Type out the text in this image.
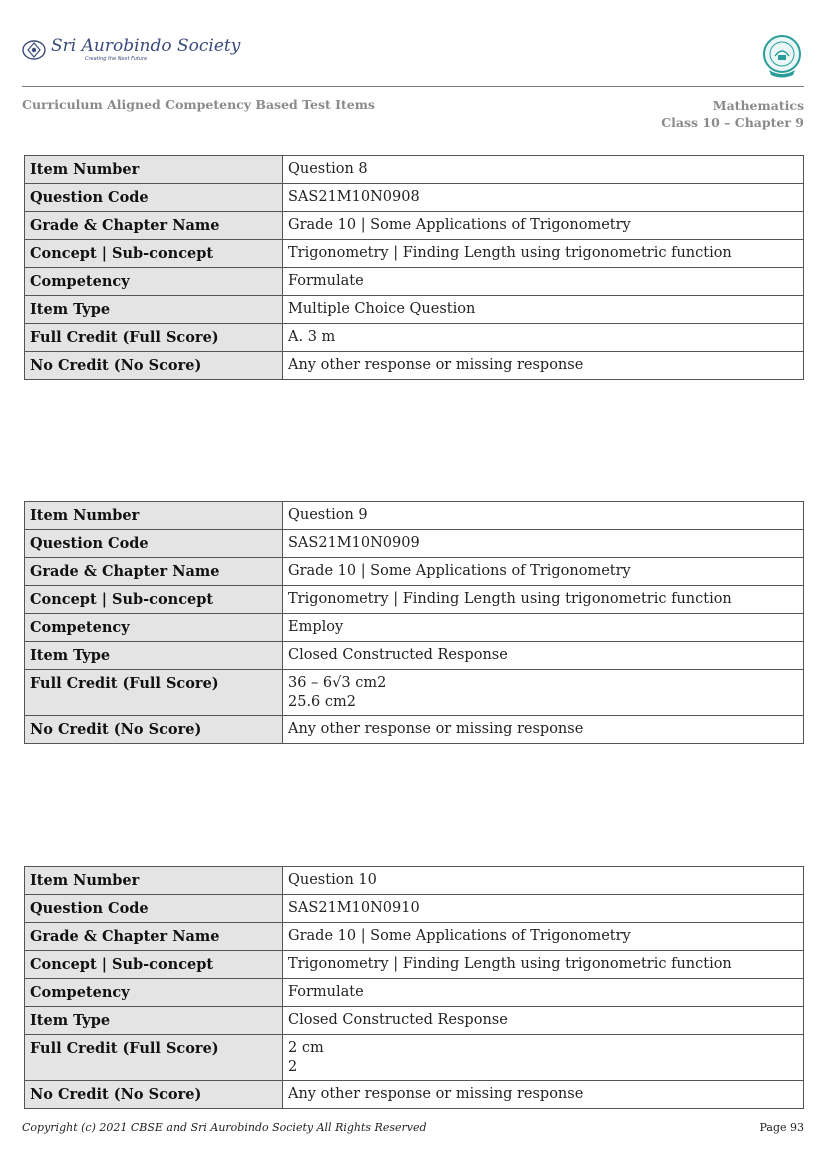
Sri Aurobindo Society
Creating the Next Future
Curriculum Aligned Competency Based Test Items	Mathematics
Class 10 – Chapter 9
Item Number	Question 8
Question Code	SAS21M10N0908
Grade & Chapter Name	Grade 10 | Some Applications of Trigonometry
Concept | Sub-concept	Trigonometry | Finding Length using trigonometric function
Competency	Formulate
Item Type	Multiple Choice Question
Full Credit (Full Score)	A. 3 m
No Credit (No Score)	Any other response or missing response
Item Number	Question 9
Question Code	SAS21M10N0909
Grade & Chapter Name	Grade 10 | Some Applications of Trigonometry
Concept | Sub-concept	Trigonometry | Finding Length using trigonometric function
Competency	Employ
Item Type	Closed Constructed Response
Full Credit (Full Score)	36 – 6√3 cm2
25.6 cm2

No Credit (No Score)	Any other response or missing response
Item Number	Question 10
Question Code	SAS21M10N0910
Grade & Chapter Name	Grade 10 | Some Applications of Trigonometry
Concept | Sub-concept	Trigonometry | Finding Length using trigonometric function
Competency	Formulate
Item Type	Closed Constructed Response
Full Credit (Full Score)	2 cm
2

No Credit (No Score)	Any other response or missing response
Copyright (c) 2021 CBSE and Sri Aurobindo Society All Rights Reserved	Page 93
